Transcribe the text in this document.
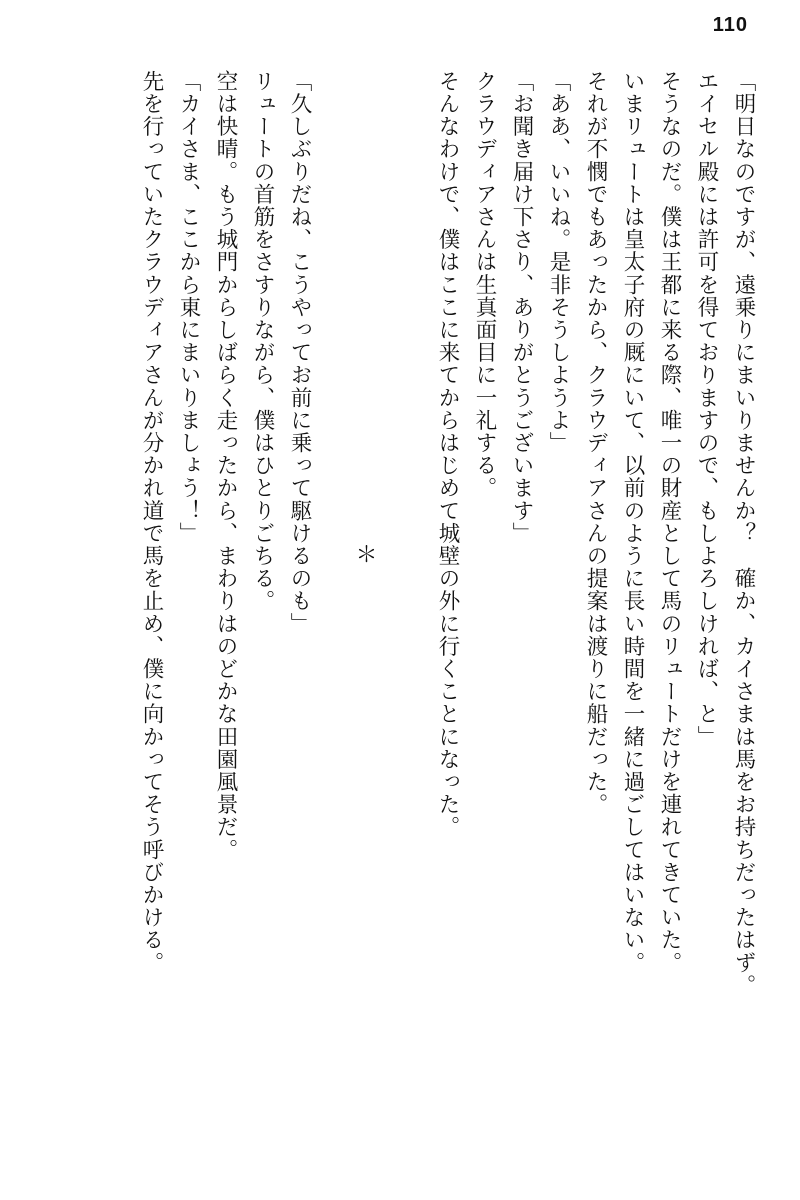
110
「明日なのですが、遠乗りにまいりませんか？　確か、カイさまは馬をお持ちだったはず。
エイセル殿には許可を得ておりますので、もしよろしければ、と」
そうなのだ。僕は王都に来る際、唯一の財産として馬のリュートだけを連れてきていた。
いまリュートは皇太子府の厩にいて、以前のように長い時間を一緒に過ごしてはいない。
それが不憫でもあったから、クラウディアさんの提案は渡りに船だった。
「ああ、いいね。是非そうしようよ」
「お聞き届け下さり、ありがとうございます」
クラウディアさんは生真面目に一礼する。
そんなわけで、僕はここに来てからはじめて城壁の外に行くことになった。
＊
「久しぶりだね、こうやってお前に乗って駆けるのも」
リュートの首筋をさすりながら、僕はひとりごちる。
空は快晴。もう城門からしばらく走ったから、まわりはのどかな田園風景だ。
「カイさま、ここから東にまいりましょう！」
先を行っていたクラウディアさんが分かれ道で馬を止め、僕に向かってそう呼びかける。
